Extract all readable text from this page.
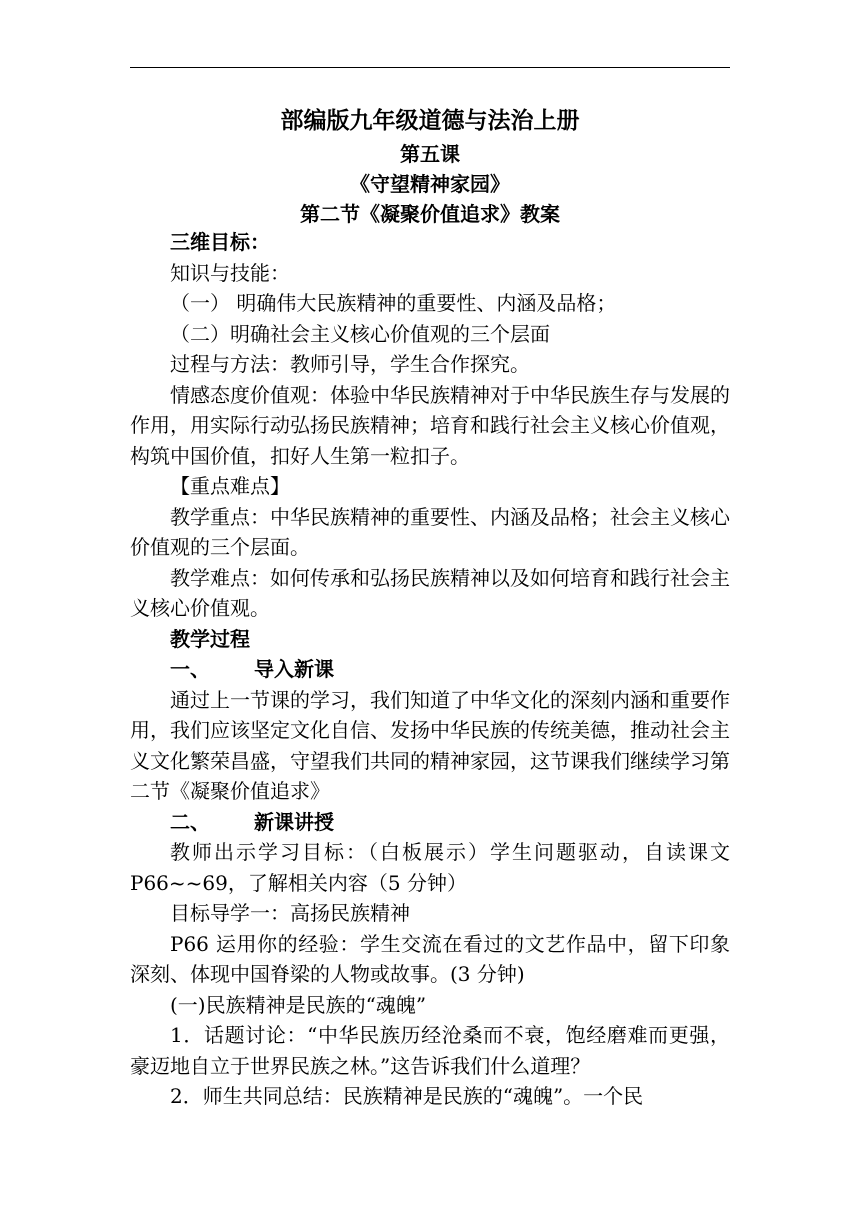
部编版九年级道德与法治上册
第五课
《守望精神家园》
第二节《凝聚价值追求》教案

三维目标：

知识与技能：

（一） 明确伟大民族精神的重要性、内涵及品格；

（二）明确社会主义核心价值观的三个层面

过程与方法：教师引导，学生合作探究。

情感态度价值观：体验中华民族精神对于中华民族生存与发展的作用，用实际行动弘扬民族精神；培育和践行社会主义核心价值观，构筑中国价值，扣好人生第一粒扣子。

【重点难点】

教学重点：中华民族精神的重要性、内涵及品格；社会主义核心价值观的三个层面。

教学难点：如何传承和弘扬民族精神以及如何培育和践行社会主义核心价值观。

教学过程

一、 导入新课

通过上一节课的学习，我们知道了中华文化的深刻内涵和重要作用，我们应该坚定文化自信、发扬中华民族的传统美德，推动社会主义文化繁荣昌盛，守望我们共同的精神家园，这节课我们继续学习第二节《凝聚价值追求》

二、 新课讲授

教师出示学习目标：（白板展示）学生问题驱动，自读课文 P66~~69，了解相关内容（5 分钟）

目标导学一：高扬民族精神

P66 运用你的经验：学生交流在看过的文艺作品中，留下印象深刻、体现中国脊梁的人物或故事。(3 分钟)

(一)民族精神是民族的“魂魄”

1．话题讨论：“中华民族历经沧桑而不衰，饱经磨难而更强，豪迈地自立于世界民族之林。”这告诉我们什么道理？

2．师生共同总结：民族精神是民族的“魂魄”。一个民
